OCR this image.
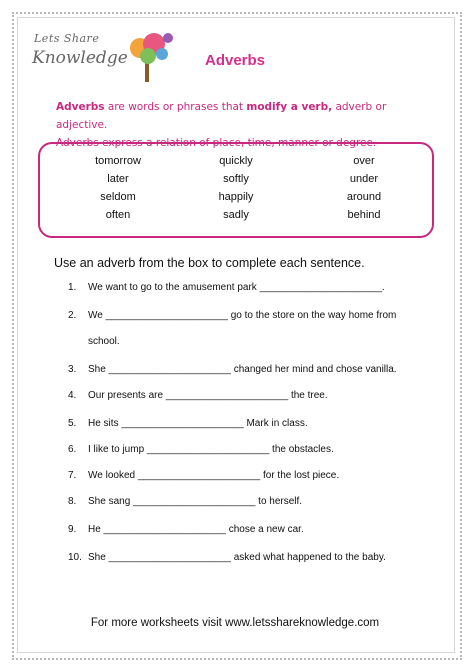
Lets Share
Knowledge	Adverbs
Adverbs are words or phrases that modify a verb, adverb or adjective.
Adverbs express a relation of place, time, manner or degree.
tomorrow
later
seldom
often
quickly
softly
happily
sadly
over
under
around
behind
Use an adverb from the box to complete each sentence.
1. We want to go to the amusement park ______________________.
2. We ______________________ go to the store on the way home from
school.
3. She ______________________ changed her mind and chose vanilla.
4. Our presents are ______________________ the tree.
5. He sits ______________________ Mark in class.
6. I like to jump ______________________ the obstacles.
7. We looked ______________________ for the lost piece.
8. She sang ______________________ to herself.
9. He ______________________ chose a new car.
10. She ______________________ asked what happened to the baby.
For more worksheets visit www.letsshareknowledge.com
